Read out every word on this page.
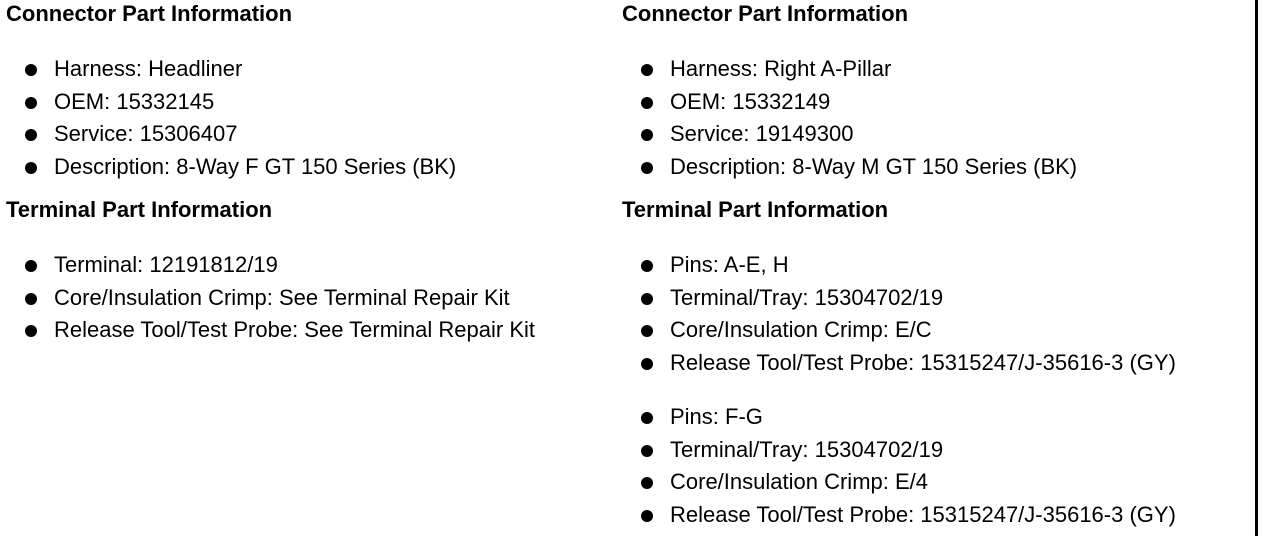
Connector Part Information
Harness: Headliner
OEM: 15332145
Service: 15306407
Description: 8-Way F GT 150 Series (BK)
Terminal Part Information
Terminal: 12191812/19
Core/Insulation Crimp: See Terminal Repair Kit
Release Tool/Test Probe: See Terminal Repair Kit
Connector Part Information
Harness: Right A-Pillar
OEM: 15332149
Service: 19149300
Description: 8-Way M GT 150 Series (BK)
Terminal Part Information
Pins: A-E, H
Terminal/Tray: 15304702/19
Core/Insulation Crimp: E/C
Release Tool/Test Probe: 15315247/J-35616-3 (GY)
Pins: F-G
Terminal/Tray: 15304702/19
Core/Insulation Crimp: E/4
Release Tool/Test Probe: 15315247/J-35616-3 (GY)
